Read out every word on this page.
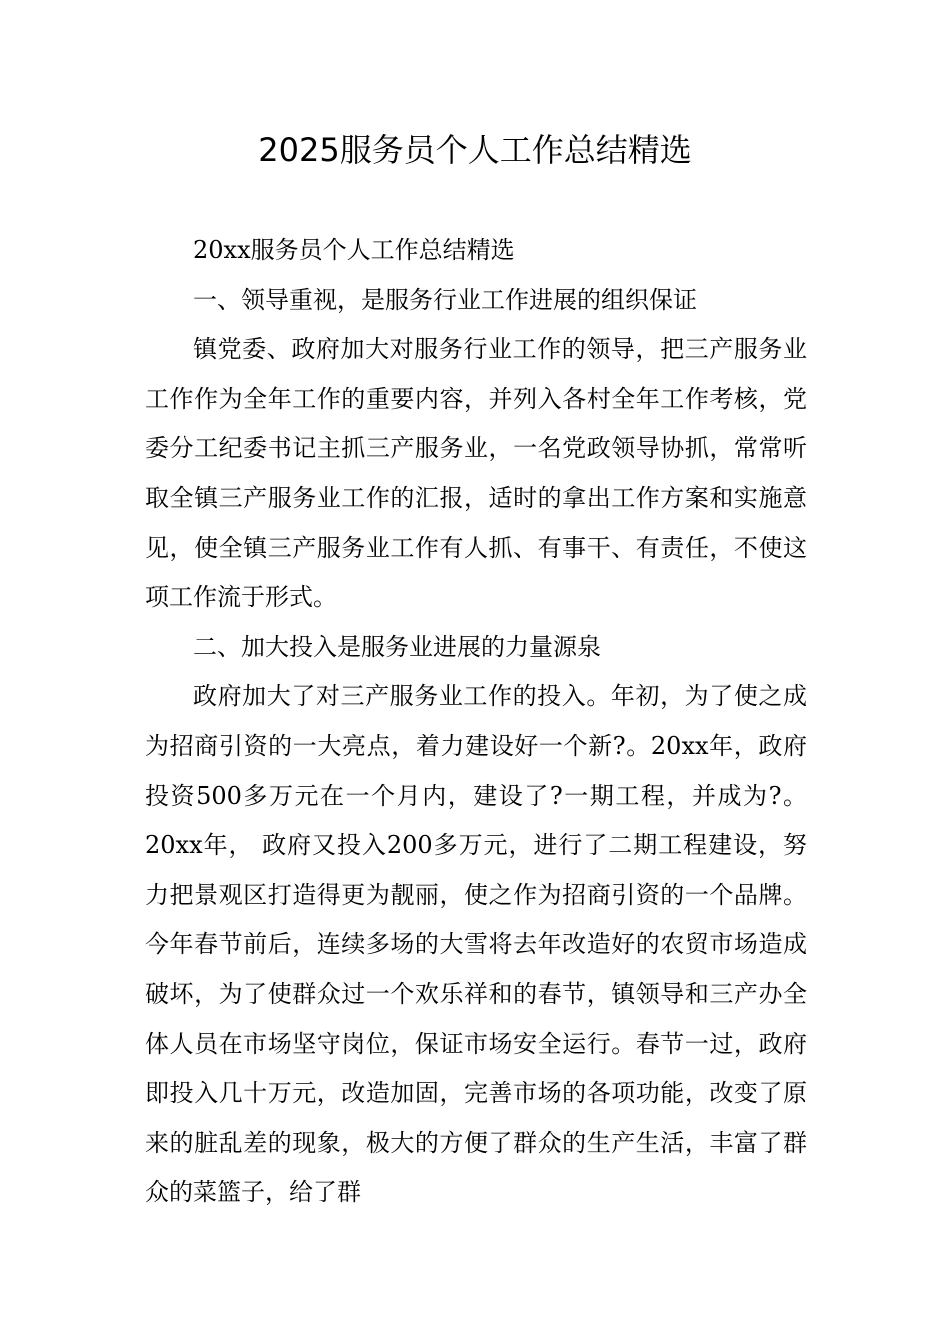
2025服务员个人工作总结精选

20xx服务员个人工作总结精选

一、领导重视，是服务行业工作进展的组织保证

镇党委、政府加大对服务行业工作的领导，把三产服务业工作作为全年工作的重要内容，并列入各村全年工作考核，党委分工纪委书记主抓三产服务业，一名党政领导协抓，常常听取全镇三产服务业工作的汇报，适时的拿出工作方案和实施意见，使全镇三产服务业工作有人抓、有事干、有责任，不使这项工作流于形式。

二、加大投入是服务业进展的力量源泉

政府加大了对三产服务业工作的投入。年初，为了使之成为招商引资的一大亮点，着力建设好一个新?。20xx年，政府投资500多万元在一个月内，建设了?一期工程，并成为?。20xx年， 政府又投入200多万元，进行了二期工程建设，努力把景观区打造得更为靓丽，使之作为招商引资的一个品牌。今年春节前后，连续多场的大雪将去年改造好的农贸市场造成破坏，为了使群众过一个欢乐祥和的春节，镇领导和三产办全体人员在市场坚守岗位，保证市场安全运行。春节一过，政府即投入几十万元，改造加固，完善市场的各项功能，改变了原来的脏乱差的现象，极大的方便了群众的生产生活，丰富了群众的菜篮子，给了群
